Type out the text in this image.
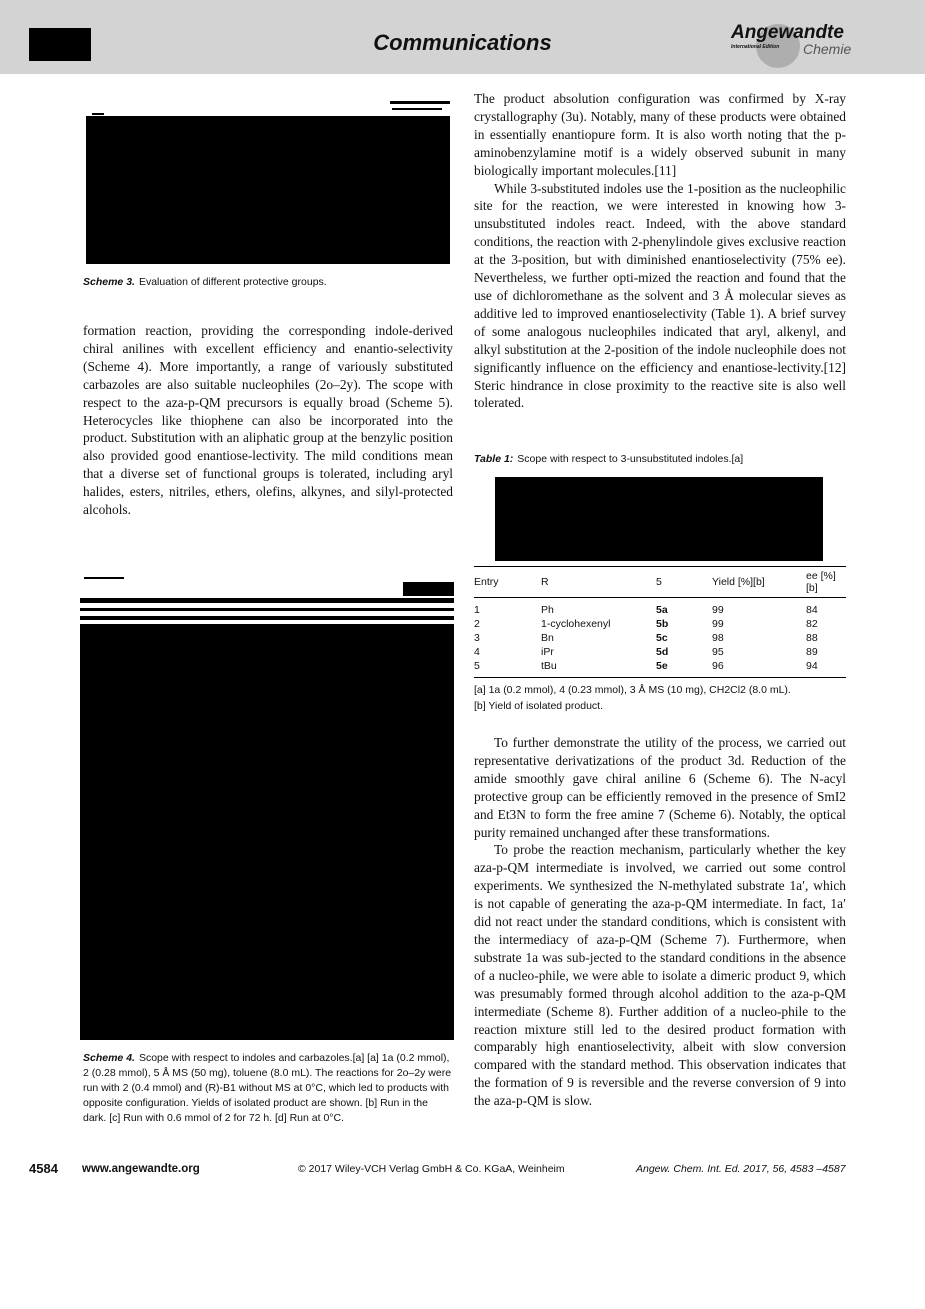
Communications	Angewandte
International Edition Chemie
Scheme 3. Evaluation of different protective groups.

formation reaction, providing the corresponding indole-derived chiral anilines with excellent efficiency and enantio-selectivity (Scheme 4). More importantly, a range of variously substituted carbazoles are also suitable nucleophiles (2o–2y). The scope with respect to the aza-p-QM precursors is equally broad (Scheme 5). Heterocycles like thiophene can also be incorporated into the product. Substitution with an aliphatic group at the benzylic position also provided good enantiose-lectivity. The mild conditions mean that a diverse set of functional groups is tolerated, including aryl halides, esters, nitriles, ethers, olefins, alkynes, and silyl-protected alcohols.

Scheme 4. Scope with respect to indoles and carbazoles.[a] [a] 1a (0.2 mmol), 2 (0.28 mmol), 5 Å MS (50 mg), toluene (8.0 mL). The reactions for 2o–2y were run with 2 (0.4 mmol) and (R)-B1 without MS at 0°C, which led to products with opposite configuration. Yields of isolated product are shown. [b] Run in the dark. [c] Run with 0.6 mmol of 2 for 72 h. [d] Run at 0°C.

The product absolution configuration was confirmed by X-ray crystallography (3u). Notably, many of these products were obtained in essentially enantiopure form. It is also worth noting that the p-aminobenzylamine motif is a widely observed subunit in many biologically important molecules.[11]

While 3-substituted indoles use the 1-position as the nucleophilic site for the reaction, we were interested in knowing how 3-unsubstituted indoles react. Indeed, with the above standard conditions, the reaction with 2-phenylindole gives exclusive reaction at the 3-position, but with diminished enantioselectivity (75% ee). Nevertheless, we further opti-mized the reaction and found that the use of dichloromethane as the solvent and 3 Å molecular sieves as additive led to improved enantioselectivity (Table 1). A brief survey of some analogous nucleophiles indicated that aryl, alkenyl, and alkyl substitution at the 2-position of the indole nucleophile does not significantly influence on the efficiency and enantiose-lectivity.[12] Steric hindrance in close proximity to the reactive site is also well tolerated.

Table 1: Scope with respect to 3-unsubstituted indoles.[a]
Entry	R	5	Yield [%][b]	ee [%][b]
1	Ph	5a	99	84
2	1-cyclohexenyl	5b	99	82
3	Bn	5c	98	88
4	iPr	5d	95	89
5	tBu	5e	96	94
[a] 1a (0.2 mmol), 4 (0.23 mmol), 3 Å MS (10 mg), CH2Cl2 (8.0 mL).
[b] Yield of isolated product.

To further demonstrate the utility of the process, we carried out representative derivatizations of the product 3d. Reduction of the amide smoothly gave chiral aniline 6 (Scheme 6). The N-acyl protective group can be efficiently removed in the presence of SmI2 and Et3N to form the free amine 7 (Scheme 6). Notably, the optical purity remained unchanged after these transformations.

To probe the reaction mechanism, particularly whether the key aza-p-QM intermediate is involved, we carried out some control experiments. We synthesized the N-methylated substrate 1a′, which is not capable of generating the aza-p-QM intermediate. In fact, 1a′ did not react under the standard conditions, which is consistent with the intermediacy of aza-p-QM (Scheme 7). Furthermore, when substrate 1a was sub-jected to the standard conditions in the absence of a nucleo-phile, we were able to isolate a dimeric product 9, which was presumably formed through alcohol addition to the aza-p-QM intermediate (Scheme 8). Further addition of a nucleo-phile to the reaction mixture still led to the desired product formation with comparably high enantioselectivity, albeit with slow conversion compared with the standard method. This observation indicates that the formation of 9 is reversible and the reverse conversion of 9 into the aza-p-QM is slow.

4584 www.angewandte.org	© 2017 Wiley-VCH Verlag GmbH & Co. KGaA, Weinheim	Angew. Chem. Int. Ed. 2017, 56, 4583 –4587
